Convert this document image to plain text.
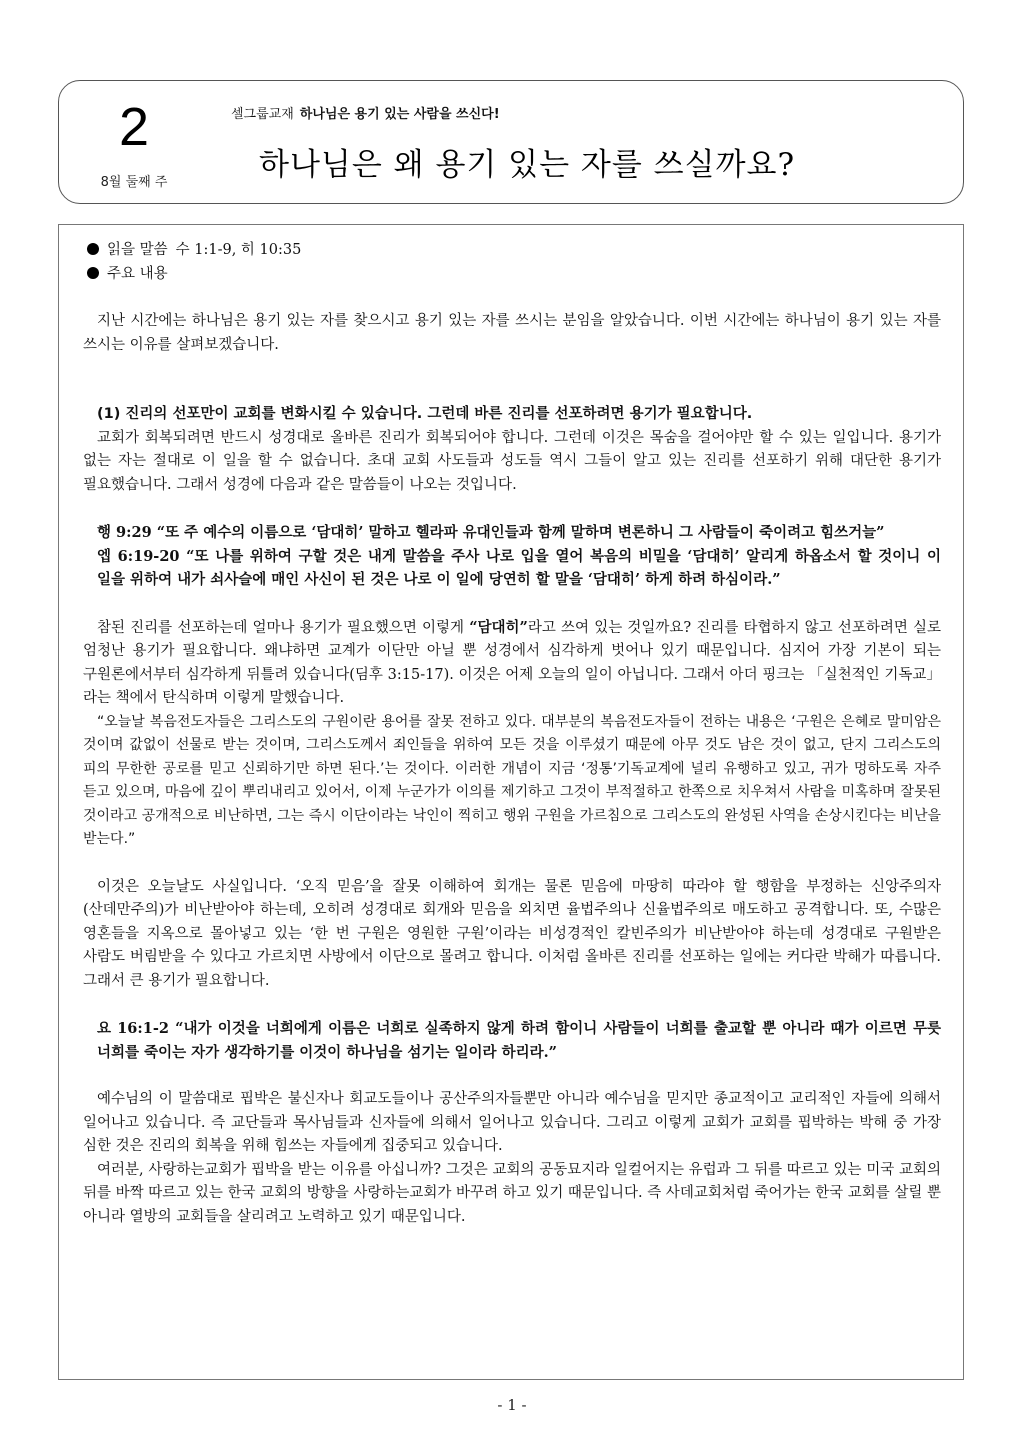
2
8월 둘째 주
셀그룹교재 하나님은 용기 있는 사람을 쓰신다!
하나님은 왜 용기 있는 자를 쓰실까요?

읽을 말씀 수 1:1-9, 히 10:35

주요 내용

지난 시간에는 하나님은 용기 있는 자를 찾으시고 용기 있는 자를 쓰시는 분임을 알았습니다. 이번 시간에는 하나님이 용기 있는 자를 쓰시는 이유를 살펴보겠습니다.

(1) 진리의 선포만이 교회를 변화시킬 수 있습니다. 그런데 바른 진리를 선포하려면 용기가 필요합니다.

교회가 회복되려면 반드시 성경대로 올바른 진리가 회복되어야 합니다. 그런데 이것은 목숨을 걸어야만 할 수 있는 일입니다. 용기가 없는 자는 절대로 이 일을 할 수 없습니다. 초대 교회 사도들과 성도들 역시 그들이 알고 있는 진리를 선포하기 위해 대단한 용기가 필요했습니다. 그래서 성경에 다음과 같은 말씀들이 나오는 것입니다.

행 9:29 “또 주 예수의 이름으로 ‘담대히’ 말하고 헬라파 유대인들과 함께 말하며 변론하니 그 사람들이 죽이려고 힘쓰거늘”

엡 6:19-20 “또 나를 위하여 구할 것은 내게 말씀을 주사 나로 입을 열어 복음의 비밀을 ‘담대히’ 알리게 하옵소서 할 것이니 이 일을 위하여 내가 쇠사슬에 매인 사신이 된 것은 나로 이 일에 당연히 할 말을 ‘담대히’ 하게 하려 하심이라.”

참된 진리를 선포하는데 얼마나 용기가 필요했으면 이렇게 “담대히”라고 쓰여 있는 것일까요? 진리를 타협하지 않고 선포하려면 실로 엄청난 용기가 필요합니다. 왜냐하면 교계가 이단만 아닐 뿐 성경에서 심각하게 벗어나 있기 때문입니다. 심지어 가장 기본이 되는 구원론에서부터 심각하게 뒤틀려 있습니다(딤후 3:15-17). 이것은 어제 오늘의 일이 아닙니다. 그래서 아더 핑크는 「실천적인 기독교」라는 책에서 탄식하며 이렇게 말했습니다.

“오늘날 복음전도자들은 그리스도의 구원이란 용어를 잘못 전하고 있다. 대부분의 복음전도자들이 전하는 내용은 ‘구원은 은혜로 말미암은 것이며 값없이 선물로 받는 것이며, 그리스도께서 죄인들을 위하여 모든 것을 이루셨기 때문에 아무 것도 남은 것이 없고, 단지 그리스도의 피의 무한한 공로를 믿고 신뢰하기만 하면 된다.’는 것이다. 이러한 개념이 지금 ‘정통’기독교계에 널리 유행하고 있고, 귀가 멍하도록 자주 듣고 있으며, 마음에 깊이 뿌리내리고 있어서, 이제 누군가가 이의를 제기하고 그것이 부적절하고 한쪽으로 치우쳐서 사람을 미혹하며 잘못된 것이라고 공개적으로 비난하면, 그는 즉시 이단이라는 낙인이 찍히고 행위 구원을 가르침으로 그리스도의 완성된 사역을 손상시킨다는 비난을 받는다.”

이것은 오늘날도 사실입니다. ‘오직 믿음’을 잘못 이해하여 회개는 물론 믿음에 마땅히 따라야 할 행함을 부정하는 신앙주의자(산데만주의)가 비난받아야 하는데, 오히려 성경대로 회개와 믿음을 외치면 율법주의나 신율법주의로 매도하고 공격합니다. 또, 수많은 영혼들을 지옥으로 몰아넣고 있는 ‘한 번 구원은 영원한 구원’이라는 비성경적인 칼빈주의가 비난받아야 하는데 성경대로 구원받은 사람도 버림받을 수 있다고 가르치면 사방에서 이단으로 몰려고 합니다. 이처럼 올바른 진리를 선포하는 일에는 커다란 박해가 따릅니다. 그래서 큰 용기가 필요합니다.

요 16:1-2 “내가 이것을 너희에게 이름은 너희로 실족하지 않게 하려 함이니 사람들이 너희를 출교할 뿐 아니라 때가 이르면 무릇 너희를 죽이는 자가 생각하기를 이것이 하나님을 섬기는 일이라 하리라.”

예수님의 이 말씀대로 핍박은 불신자나 회교도들이나 공산주의자들뿐만 아니라 예수님을 믿지만 종교적이고 교리적인 자들에 의해서 일어나고 있습니다. 즉 교단들과 목사님들과 신자들에 의해서 일어나고 있습니다. 그리고 이렇게 교회가 교회를 핍박하는 박해 중 가장 심한 것은 진리의 회복을 위해 힘쓰는 자들에게 집중되고 있습니다.

여러분, 사랑하는교회가 핍박을 받는 이유를 아십니까? 그것은 교회의 공동묘지라 일컬어지는 유럽과 그 뒤를 따르고 있는 미국 교회의 뒤를 바짝 따르고 있는 한국 교회의 방향을 사랑하는교회가 바꾸려 하고 있기 때문입니다. 즉 사데교회처럼 죽어가는 한국 교회를 살릴 뿐 아니라 열방의 교회들을 살리려고 노력하고 있기 때문입니다.

- 1 -
